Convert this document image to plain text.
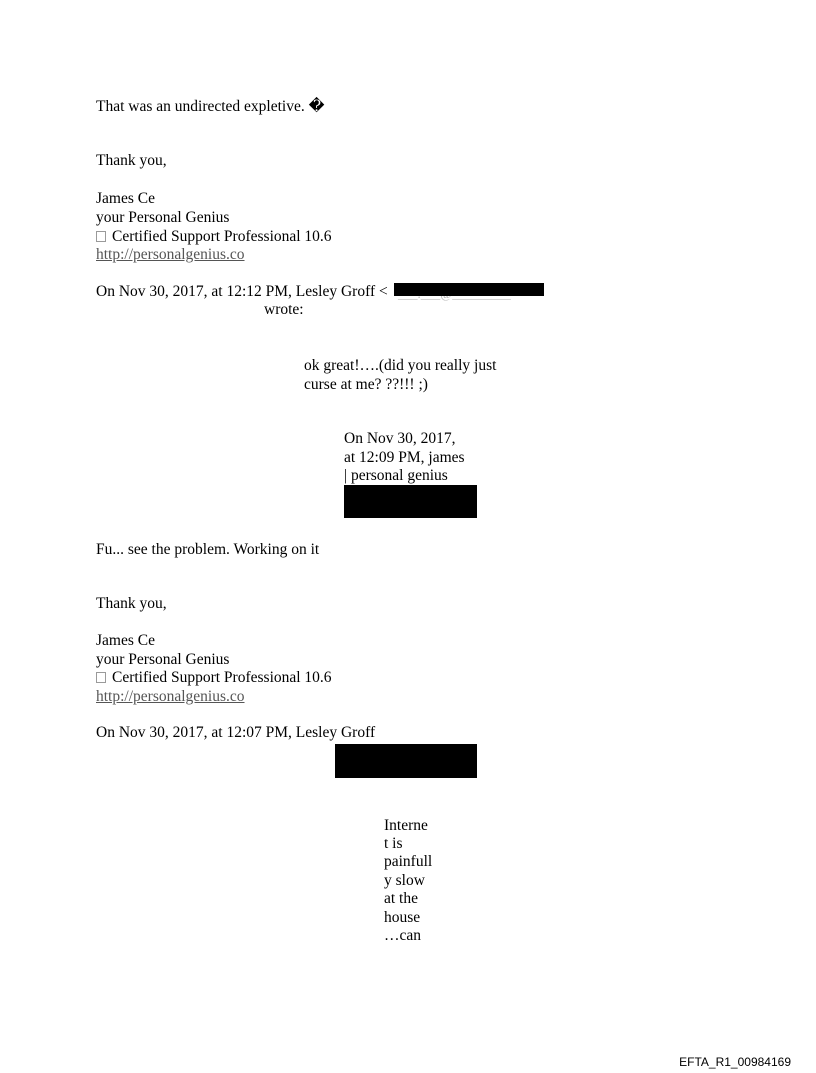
That was an undirected expletive. �
Thank you,
James Ce
your Personal Genius
Certified Support Professional 10.6
http://personalgenius.co
On Nov 30, 2017, at 12:12 PM, Lesley Groff <
wrote:
ok great!….(did you really just
curse at me? ??!!! ;)
On Nov 30, 2017,
at 12:09 PM, james
| personal genius
Fu... see the problem. Working on it
Thank you,
James Ce
your Personal Genius
Certified Support Professional 10.6
http://personalgenius.co
On Nov 30, 2017, at 12:07 PM, Lesley Groff
Interne
t is
painfull
y slow
at the
house
…can
EFTA_R1_00984169
